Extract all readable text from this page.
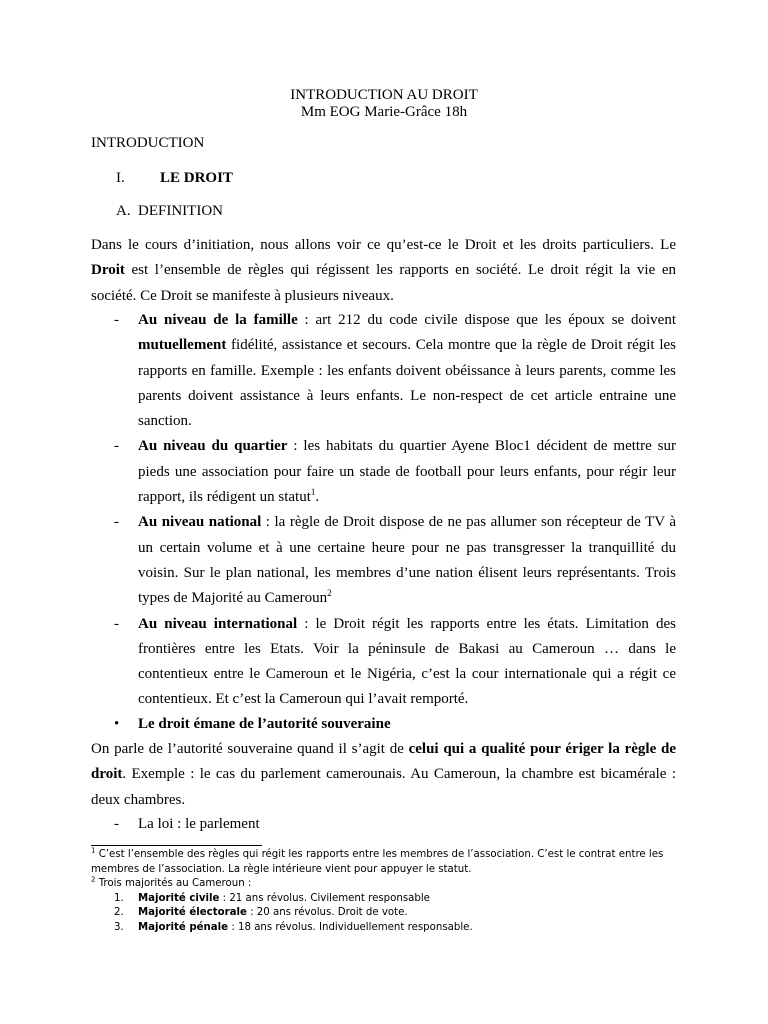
INTRODUCTION AU DROIT
Mm EOG Marie-Grâce 18h
INTRODUCTION
I. LE DROIT
A. DEFINITION
Dans le cours d’initiation, nous allons voir ce qu’est-ce le Droit et les droits particuliers. Le Droit est l’ensemble de règles qui régissent les rapports en société. Le droit régit la vie en société. Ce Droit se manifeste à plusieurs niveaux.
- Au niveau de la famille : art 212 du code civile dispose que les époux se doivent mutuellement fidélité, assistance et secours. Cela montre que la règle de Droit régit les rapports en famille. Exemple : les enfants doivent obéissance à leurs parents, comme les parents doivent assistance à leurs enfants. Le non-respect de cet article entraine une sanction.
- Au niveau du quartier : les habitats du quartier Ayene Bloc1 décident de mettre sur pieds une association pour faire un stade de football pour leurs enfants, pour régir leur rapport, ils rédigent un statut$^1$.
- Au niveau national : la règle de Droit dispose de ne pas allumer son récepteur de TV à un certain volume et à une certaine heure pour ne pas transgresser la tranquillité du voisin. Sur le plan national, les membres d’une nation élisent leurs représentants. Trois types de Majorité au Cameroun$^2$
- Au niveau international : le Droit régit les rapports entre les états. Limitation des frontières entre les Etats. Voir la péninsule de Bakasi au Cameroun … dans le contentieux entre le Cameroun et le Nigéria, c’est la cour internationale qui a régit ce contentieux. Et c’est la Cameroun qui l’avait remporté.
• Le droit émane de l’autorité souveraine
On parle de l’autorité souveraine quand il s’agit de celui qui a qualité pour ériger la règle de droit. Exemple : le cas du parlement camerounais. Au Cameroun, la chambre est bicamérale : deux chambres.
- La loi : le parlement
$^1$ C’est l’ensemble des règles qui régit les rapports entre les membres de l’association. C’est le contrat entre les membres de l’association. La règle intérieure vient pour appuyer le statut.
$^2$ Trois majorités au Cameroun :
1. Majorité civile : 21 ans révolus. Civilement responsable
2. Majorité électorale : 20 ans révolus. Droit de vote.
3. Majorité pénale : 18 ans révolus. Individuellement responsable.
